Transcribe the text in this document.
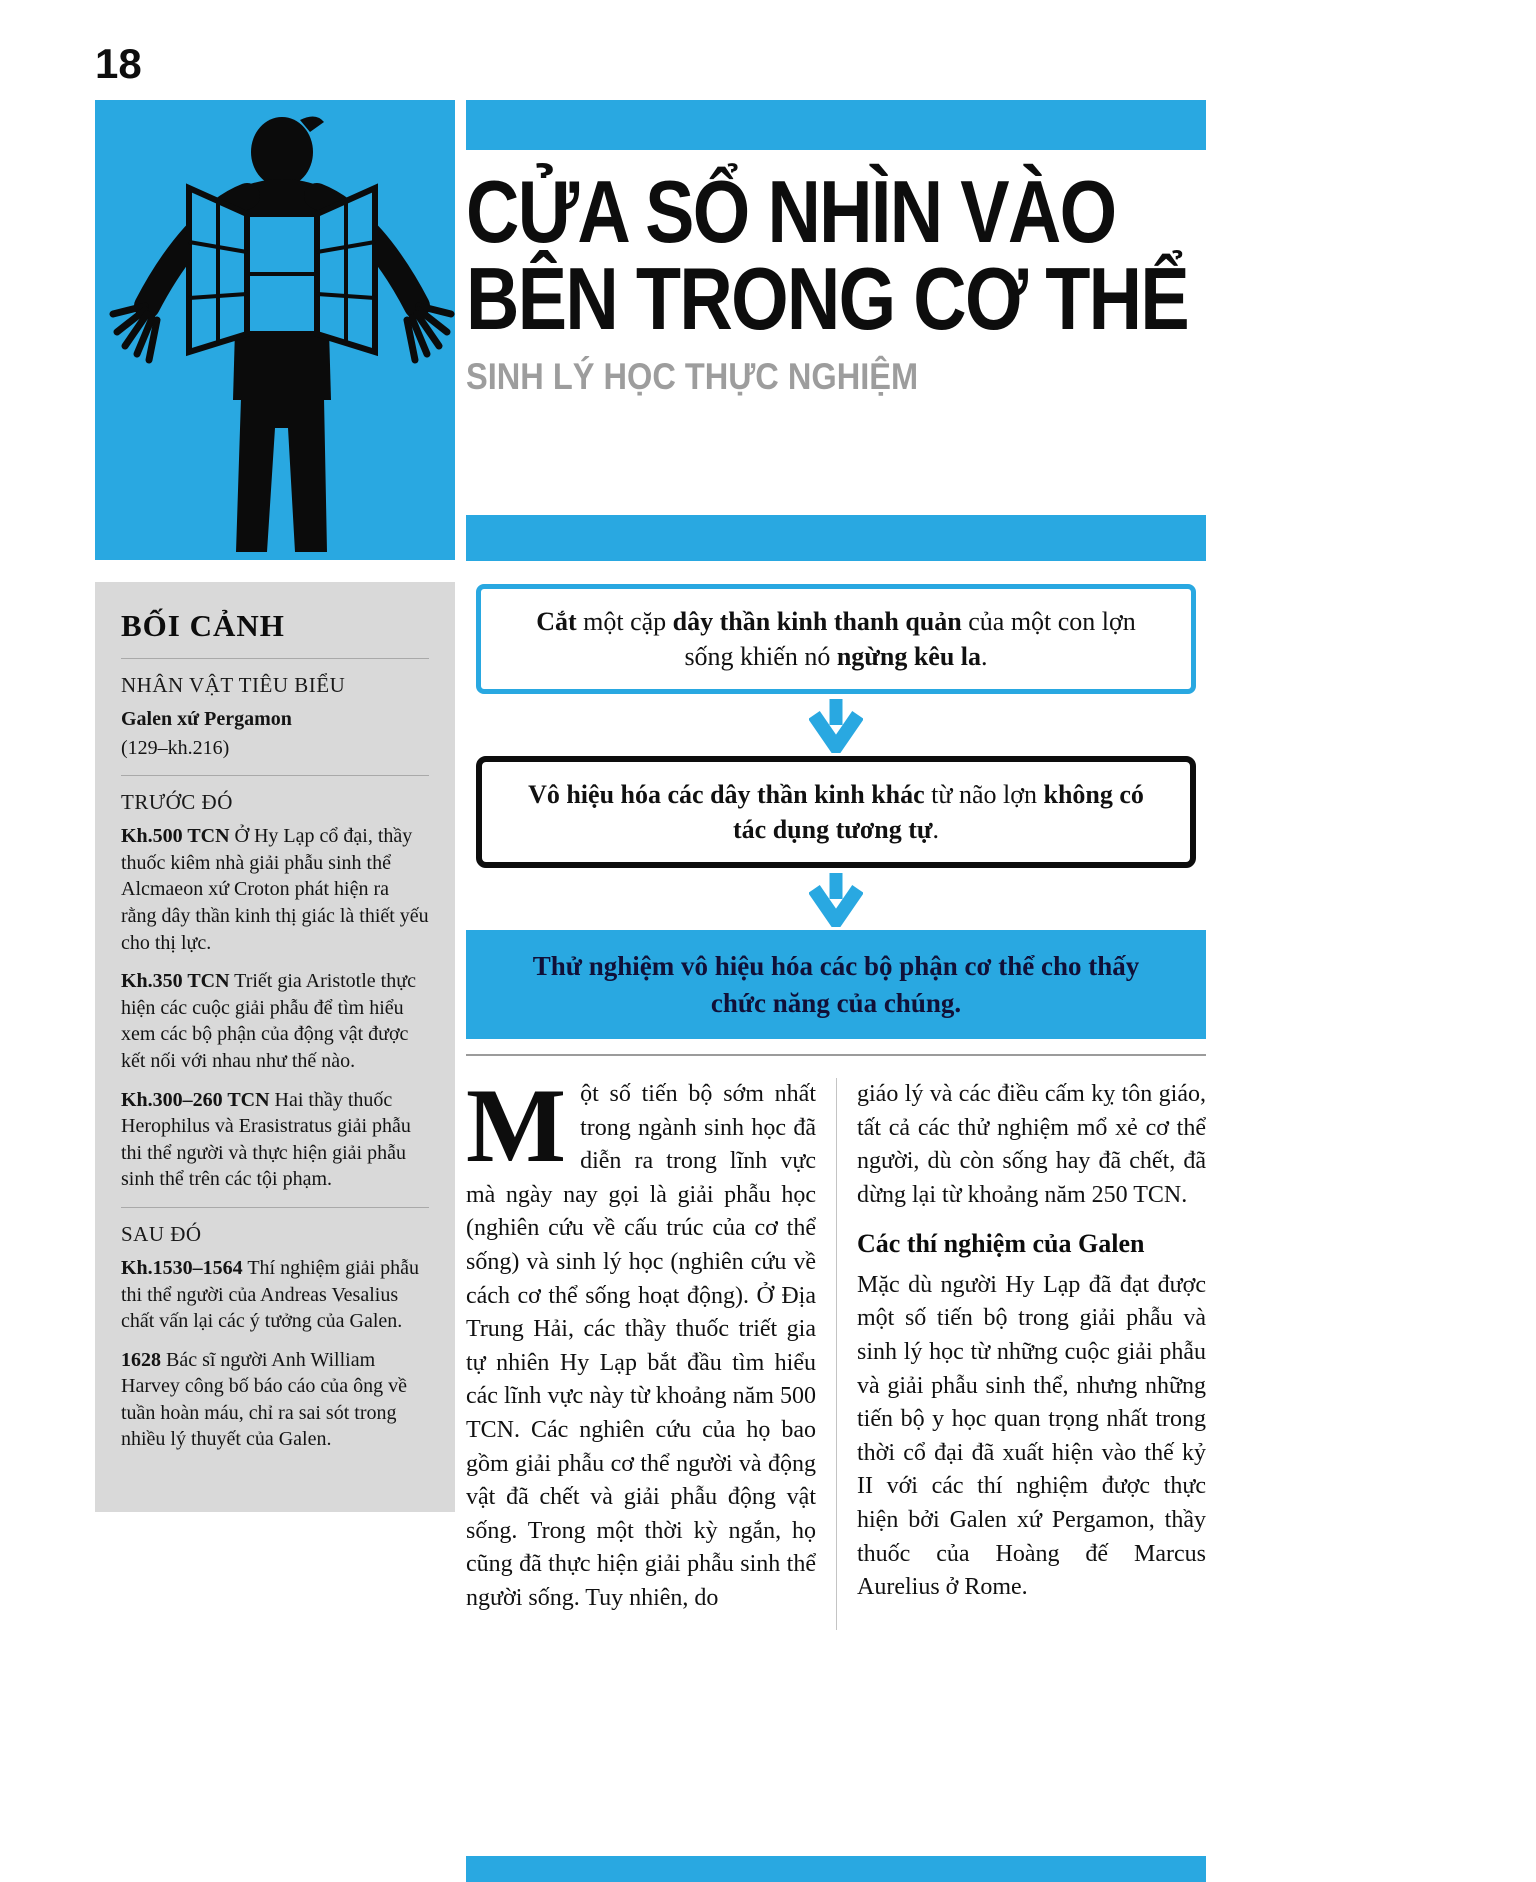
18
BỐI CẢNH
NHÂN VẬT TIÊU BIỂU

Galen xứ Pergamon

(129–kh.216)

TRƯỚC ĐÓ

Kh.500 TCN Ở Hy Lạp cổ đại, thầy thuốc kiêm nhà giải phẫu sinh thể Alcmaeon xứ Croton phát hiện ra rằng dây thần kinh thị giác là thiết yếu cho thị lực.

Kh.350 TCN Triết gia Aristotle thực hiện các cuộc giải phẫu để tìm hiểu xem các bộ phận của động vật được kết nối với nhau như thế nào.

Kh.300–260 TCN Hai thầy thuốc Herophilus và Erasistratus giải phẫu thi thể người và thực hiện giải phẫu sinh thể trên các tội phạm.

SAU ĐÓ

Kh.1530–1564 Thí nghiệm giải phẫu thi thể người của Andreas Vesalius chất vấn lại các ý tưởng của Galen.

1628 Bác sĩ người Anh William Harvey công bố báo cáo của ông về tuần hoàn máu, chỉ ra sai sót trong nhiều lý thuyết của Galen.

CỬA SỔ NHÌN VÀO
BÊN TRONG CƠ THỂ
SINH LÝ HỌC THỰC NGHIỆM
Cắt một cặp dây thần kinh thanh quản của một con lợn sống khiến nó ngừng kêu la.
Vô hiệu hóa các dây thần kinh khác từ não lợn không có tác dụng tương tự.
Thử nghiệm vô hiệu hóa các bộ phận cơ thể cho thấy chức năng của chúng.

Một số tiến bộ sớm nhất trong ngành sinh học đã diễn ra trong lĩnh vực mà ngày nay gọi là giải phẫu học (nghiên cứu về cấu trúc của cơ thể sống) và sinh lý học (nghiên cứu về cách cơ thể sống hoạt động). Ở Địa Trung Hải, các thầy thuốc triết gia tự nhiên Hy Lạp bắt đầu tìm hiểu các lĩnh vực này từ khoảng năm 500 TCN. Các nghiên cứu của họ bao gồm giải phẫu cơ thể người và động vật đã chết và giải phẫu động vật sống. Trong một thời kỳ ngắn, họ cũng đã thực hiện giải phẫu sinh thể người sống. Tuy nhiên, do

giáo lý và các điều cấm kỵ tôn giáo, tất cả các thử nghiệm mổ xẻ cơ thể người, dù còn sống hay đã chết, đã dừng lại từ khoảng năm 250 TCN.

Các thí nghiệm của Galen

Mặc dù người Hy Lạp đã đạt được một số tiến bộ trong giải phẫu và sinh lý học từ những cuộc giải phẫu và giải phẫu sinh thể, nhưng những tiến bộ y học quan trọng nhất trong thời cổ đại đã xuất hiện vào thế kỷ II với các thí nghiệm được thực hiện bởi Galen xứ Pergamon, thầy thuốc của Hoàng đế Marcus Aurelius ở Rome.
